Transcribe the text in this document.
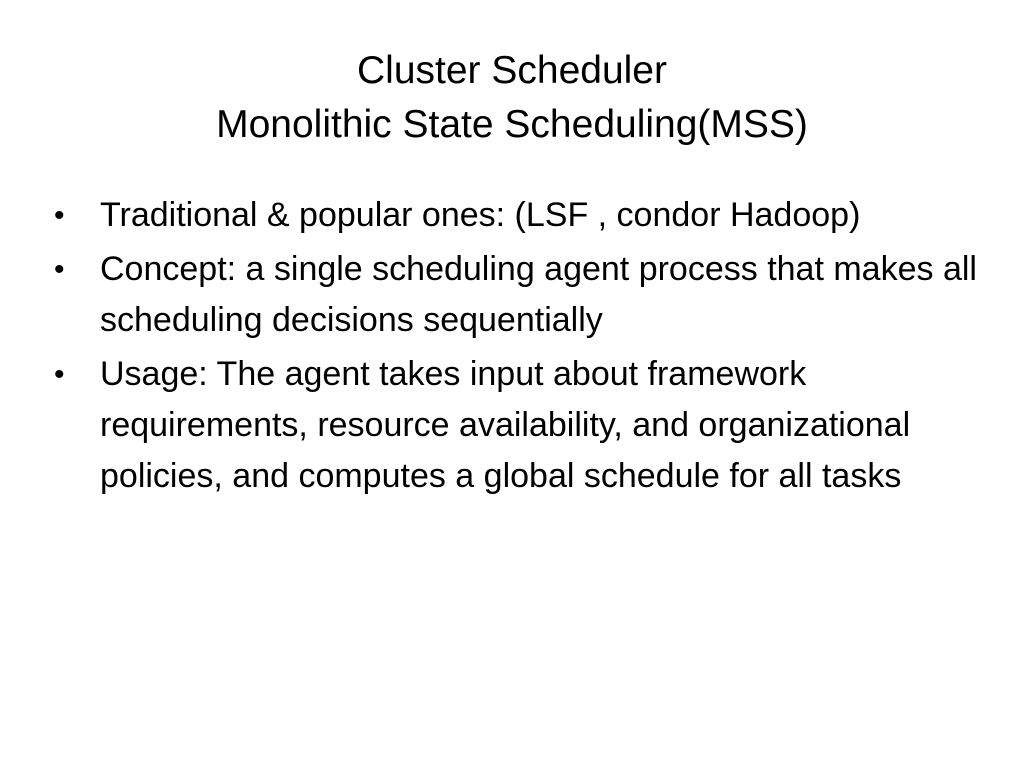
Cluster Scheduler
Monolithic State Scheduling(MSS)
• Traditional & popular ones: (LSF , condor Hadoop)
• Concept: a single scheduling agent process that makes all scheduling decisions sequentially
• Usage: The agent takes input about framework requirements, resource availability, and organizational policies, and computes a global schedule for all tasks
